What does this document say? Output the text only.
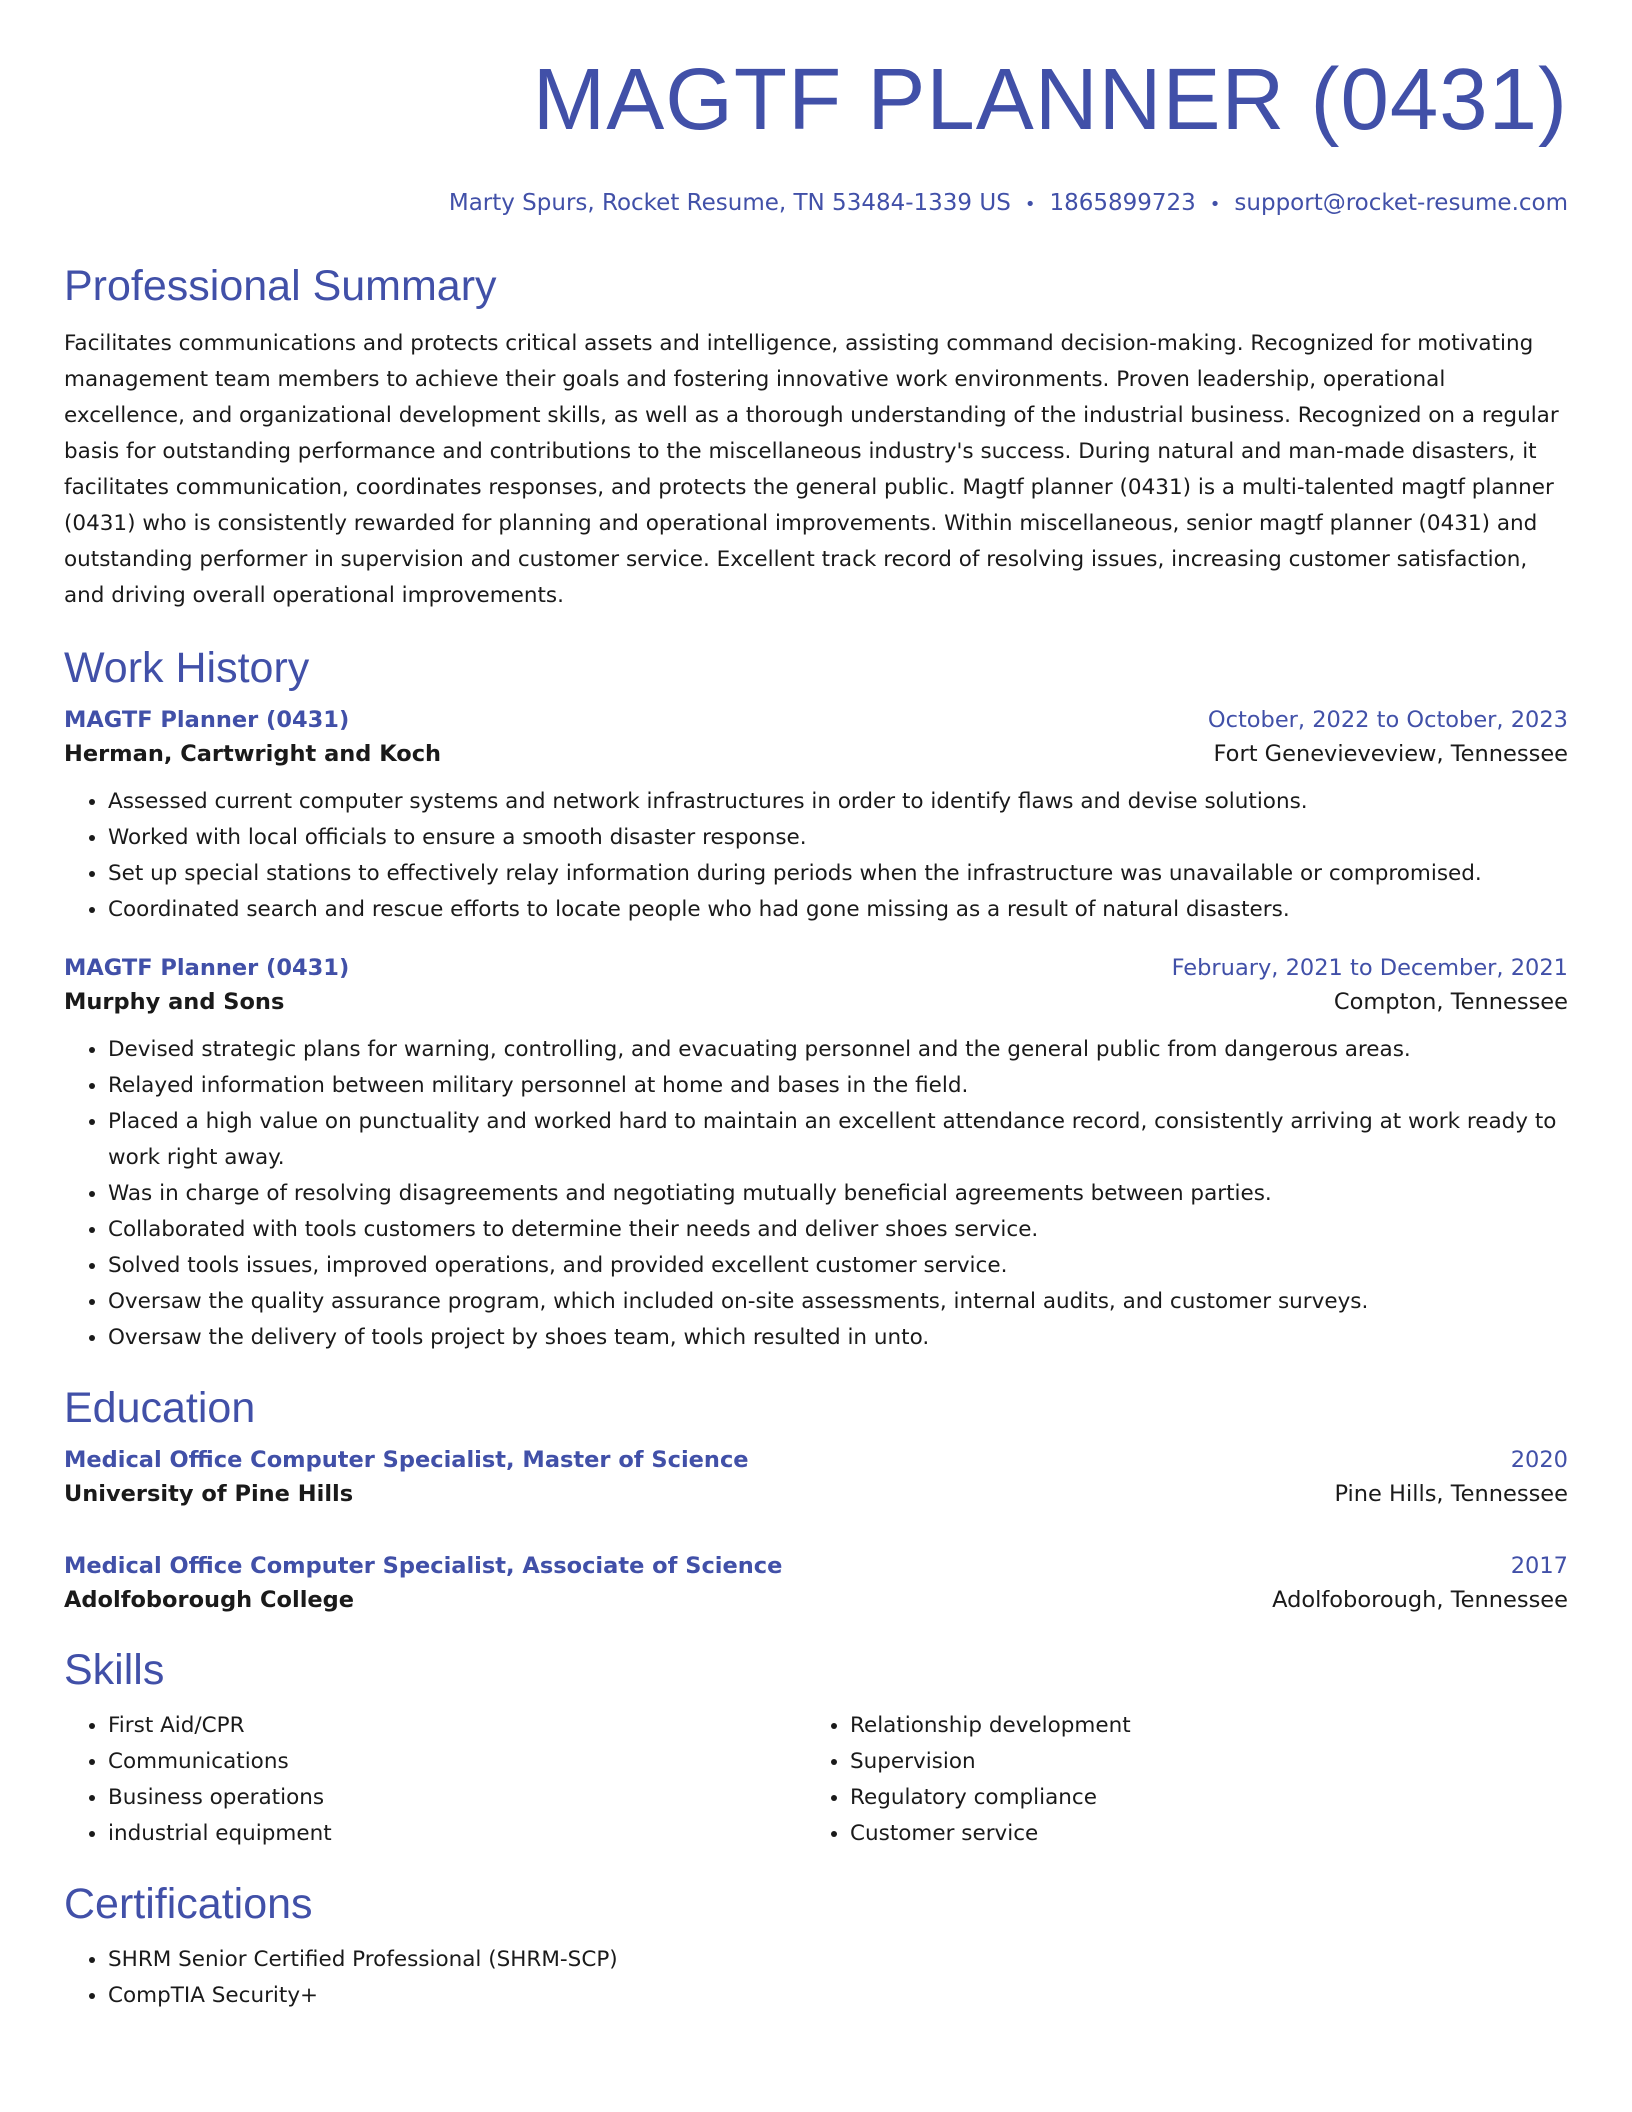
MAGTF PLANNER (0431)
Marty Spurs, Rocket Resume, TN 53484-1339 US • 1865899723 • support@rocket-resume.com
Professional Summary
Facilitates communications and protects critical assets and intelligence, assisting command decision-making. Recognized for motivating management team members to achieve their goals and fostering innovative work environments. Proven leadership, operational excellence, and organizational development skills, as well as a thorough understanding of the industrial business. Recognized on a regular basis for outstanding performance and contributions to the miscellaneous industry's success. During natural and man-made disasters, it facilitates communication, coordinates responses, and protects the general public. Magtf planner (0431) is a multi-talented magtf planner (0431) who is consistently rewarded for planning and operational improvements. Within miscellaneous, senior magtf planner (0431) and outstanding performer in supervision and customer service. Excellent track record of resolving issues, increasing customer satisfaction, and driving overall operational improvements.
Work History
MAGTF Planner (0431)	October, 2022 to October, 2023
Herman, Cartwright and Koch	Fort Genevieveview, Tennessee
• Assessed current computer systems and network infrastructures in order to identify flaws and devise solutions.
• Worked with local officials to ensure a smooth disaster response.
• Set up special stations to effectively relay information during periods when the infrastructure was unavailable or compromised.
• Coordinated search and rescue efforts to locate people who had gone missing as a result of natural disasters.
MAGTF Planner (0431)	February, 2021 to December, 2021
Murphy and Sons	Compton, Tennessee
• Devised strategic plans for warning, controlling, and evacuating personnel and the general public from dangerous areas.
• Relayed information between military personnel at home and bases in the field.
• Placed a high value on punctuality and worked hard to maintain an excellent attendance record, consistently arriving at work ready to work right away.
• Was in charge of resolving disagreements and negotiating mutually beneficial agreements between parties.
• Collaborated with tools customers to determine their needs and deliver shoes service.
• Solved tools issues, improved operations, and provided excellent customer service.
• Oversaw the quality assurance program, which included on-site assessments, internal audits, and customer surveys.
• Oversaw the delivery of tools project by shoes team, which resulted in unto.
Education
Medical Office Computer Specialist, Master of Science	2020
University of Pine Hills	Pine Hills, Tennessee
Medical Office Computer Specialist, Associate of Science	2017
Adolfoborough College	Adolfoborough, Tennessee
Skills
• First Aid/CPR
• Communications
• Business operations
• industrial equipment
• Relationship development
• Supervision
• Regulatory compliance
• Customer service
Certifications
• SHRM Senior Certified Professional (SHRM-SCP)
• CompTIA Security+
